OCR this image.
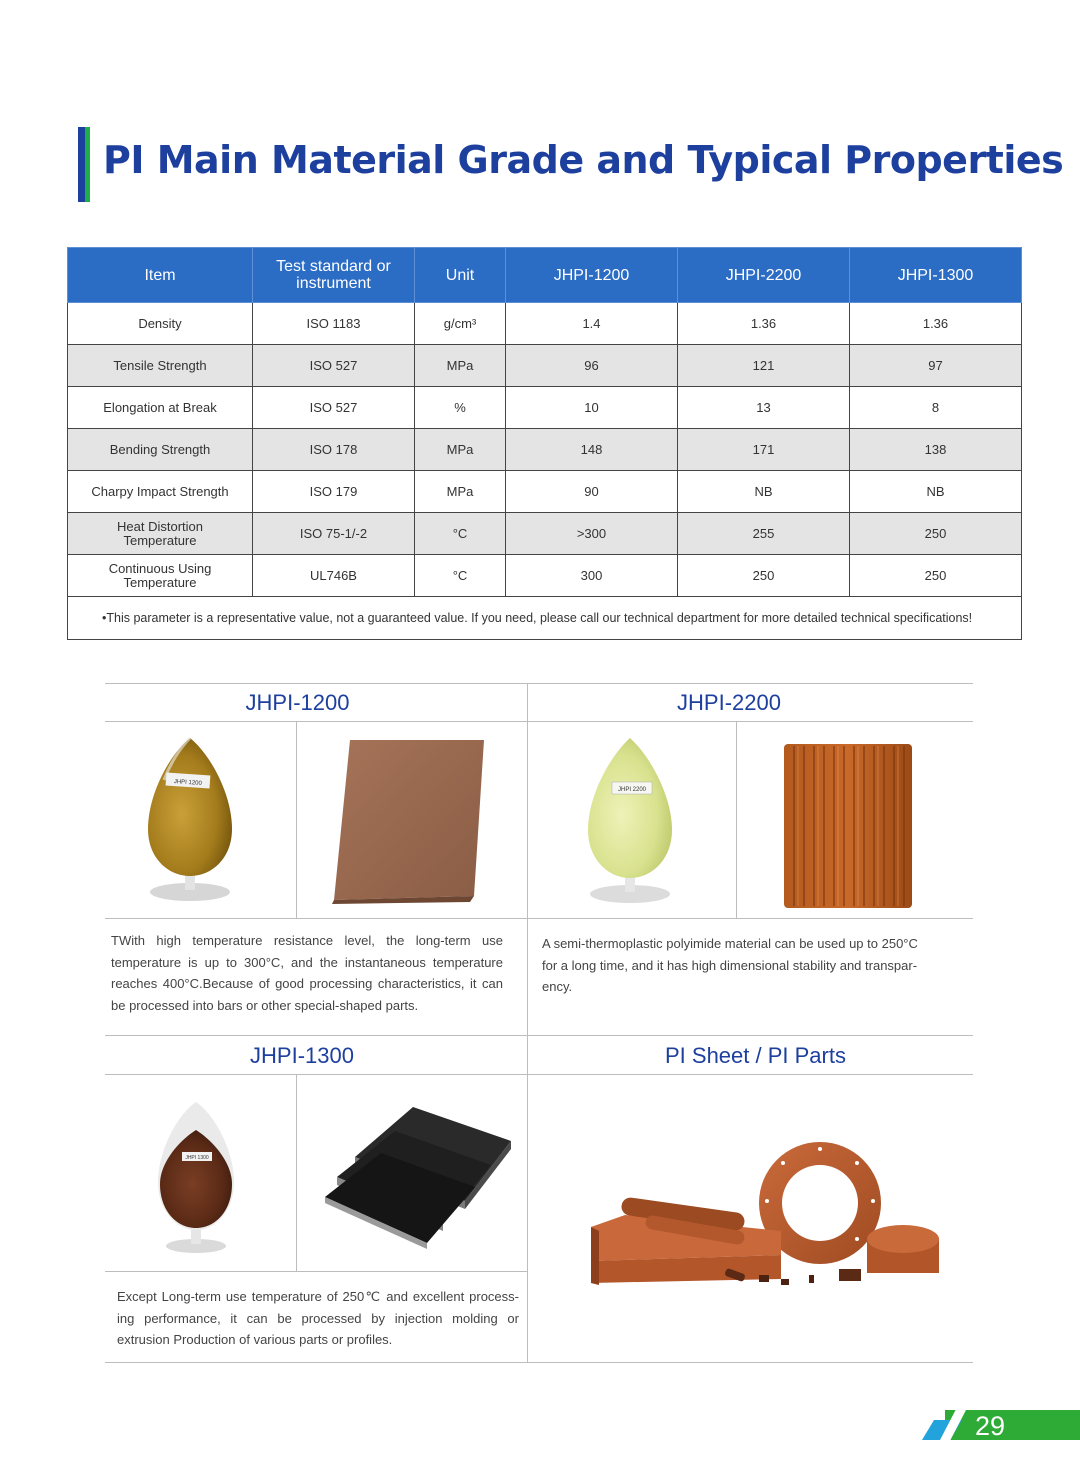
PI Main Material Grade and Typical Properties
Item	Test standard or instrument	Unit	JHPI-1200	JHPI-2200	JHPI-1300
Density	ISO 1183	g/cm³	1.4	1.36	1.36
Tensile Strength	ISO 527	MPa	96	121	97
Elongation at Break	ISO 527	%	10	13	8
Bending Strength	ISO 178	MPa	148	171	138
Charpy Impact Strength	ISO 179	MPa	90	NB	NB
Heat Distortion Temperature	ISO 75-1/-2	°C	>300	255	250
Continuous Using Temperature	UL746B	°C	300	250	250
•This parameter is a representative value, not a guaranteed value. If you need, please call our technical department for more detailed technical specifications!					
JHPI-1200	JHPI-2200
JHPI-1300	PI Sheet / PI Parts
JHPI 1200
JHPI 2200
JHPI 1300

TWith high temperature resistance level, the long-term use temperature is up to 300°C, and the instantaneous temperature reaches 400°C.Because of good processing characteristics, it can be processed into bars or other special-shaped parts.

A semi-thermoplastic polyimide material can be used up to 250°C for a long time, and it has high dimensional stability and transpar-ency.

Except Long-term use temperature of 250℃ and excellent process-ing performance, it can be processed by injection molding or extrusion Production of various parts or profiles.

29
